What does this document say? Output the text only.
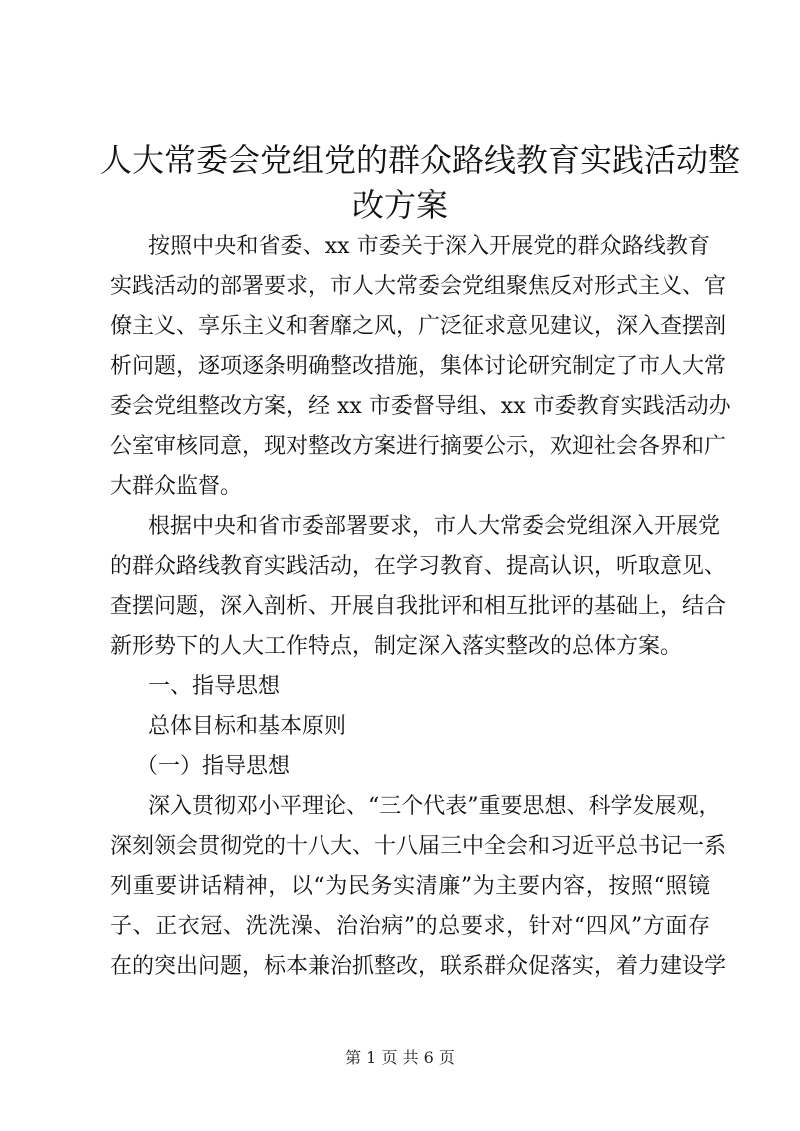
人大常委会党组党的群众路线教育实践活动整
改方案
按照中央和省委、xx 市委关于深入开展党的群众路线教育
实践活动的部署要求，市人大常委会党组聚焦反对形式主义、官
僚主义、享乐主义和奢靡之风，广泛征求意见建议，深入查摆剖
析问题，逐项逐条明确整改措施，集体讨论研究制定了市人大常
委会党组整改方案，经 xx 市委督导组、xx 市委教育实践活动办
公室审核同意，现对整改方案进行摘要公示，欢迎社会各界和广
大群众监督。
根据中央和省市委部署要求，市人大常委会党组深入开展党
的群众路线教育实践活动，在学习教育、提高认识，听取意见、
查摆问题，深入剖析、开展自我批评和相互批评的基础上，结合
新形势下的人大工作特点，制定深入落实整改的总体方案。
一、指导思想
总体目标和基本原则
（一）指导思想
深入贯彻邓小平理论、“三个代表”重要思想、科学发展观，
深刻领会贯彻党的十八大、十八届三中全会和习近平总书记一系
列重要讲话精神，以“为民务实清廉”为主要内容，按照“照镜
子、正衣冠、洗洗澡、治治病”的总要求，针对“四风”方面存
在的突出问题，标本兼治抓整改，联系群众促落实，着力建设学
第 1 页 共 6 页
